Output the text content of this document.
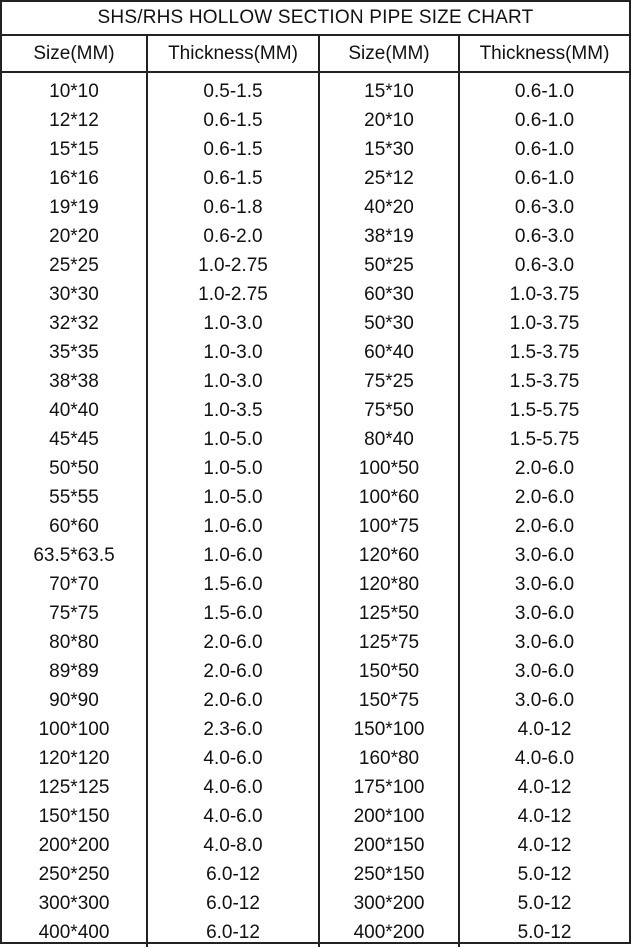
SHS/RHS HOLLOW SECTION PIPE SIZE CHART
Size(MM)	Thickness(MM)	Size(MM)	Thickness(MM)
10*10	0.5-1.5	15*10	0.6-1.0
12*12	0.6-1.5	20*10	0.6-1.0
15*15	0.6-1.5	15*30	0.6-1.0
16*16	0.6-1.5	25*12	0.6-1.0
19*19	0.6-1.8	40*20	0.6-3.0
20*20	0.6-2.0	38*19	0.6-3.0
25*25	1.0-2.75	50*25	0.6-3.0
30*30	1.0-2.75	60*30	1.0-3.75
32*32	1.0-3.0	50*30	1.0-3.75
35*35	1.0-3.0	60*40	1.5-3.75
38*38	1.0-3.0	75*25	1.5-3.75
40*40	1.0-3.5	75*50	1.5-5.75
45*45	1.0-5.0	80*40	1.5-5.75
50*50	1.0-5.0	100*50	2.0-6.0
55*55	1.0-5.0	100*60	2.0-6.0
60*60	1.0-6.0	100*75	2.0-6.0
63.5*63.5	1.0-6.0	120*60	3.0-6.0
70*70	1.5-6.0	120*80	3.0-6.0
75*75	1.5-6.0	125*50	3.0-6.0
80*80	2.0-6.0	125*75	3.0-6.0
89*89	2.0-6.0	150*50	3.0-6.0
90*90	2.0-6.0	150*75	3.0-6.0
100*100	2.3-6.0	150*100	4.0-12
120*120	4.0-6.0	160*80	4.0-6.0
125*125	4.0-6.0	175*100	4.0-12
150*150	4.0-6.0	200*100	4.0-12
200*200	4.0-8.0	200*150	4.0-12
250*250	6.0-12	250*150	5.0-12
300*300	6.0-12	300*200	5.0-12
400*400	6.0-12	400*200	5.0-12
